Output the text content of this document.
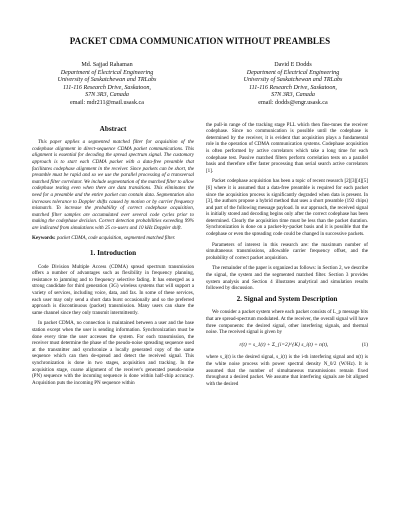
PACKET CDMA COMMUNICATION WITHOUT PREAMBLES
Md. Sajjad Rahaman
Department of Electrical Engineering
University of Saskatchewan and TRLabs
111-116 Research Drive, Saskatoon,
S7N 3R3, Canada
email: mdr211@mail.usask.ca
David E Dodds
Department of Electrical Engineering
University of Saskatchewan and TRLabs
111-116 Research Drive, Saskatoon,
S7N 3R3, Canada
email: dodds@engr.usask.ca
Abstract

This paper applies a segmented matched filter for acquisition of the codephase alignment in direct-sequence CDMA packet communications. This alignment is essential for decoding the spread spectrum signal. The customary approach is to start each CDMA packet with a data-free preamble that facilitates codephase alignment in the receiver. Since packets can be short, the preamble must be rapid and so we use the parallel processing of a transversal matched filter correlator. We include segmentation of the matched filter to allow codephase testing even when there are data transitions. This eliminates the need for a preamble and the entire packet can contain data. Segmentation also increases tolerance to Doppler shifts caused by motion or by carrier frequency mismatch. To increase the probability of correct codephase acquisition, matched filter samples are accumulated over several code cycles prior to making the codephase decision. Correct detection probabilities exceeding 99% are indicated from simulations with 25 co-users and 10 kHz Doppler shift.

Keywords: packet CDMA, code acquisition, segmented matched filter.
1. Introduction

Code Division Multiple Access (CDMA) spread spectrum transmission offers a number of advantages such as flexibility in frequency planning, resistance to jamming and to frequency selective fading. It has emerged as a strong candidate for third generation (3G) wireless systems that will support a variety of services, including voice, data, and fax. In some of these services, each user may only send a short data burst occasionally and so the preferred approach is discontinuous (packet) transmission. Many users can share the same channel since they only transmit intermittently.

In packet CDMA, no connection is maintained between a user and the base station except when the user is sending information. Synchronization must be done every time the user accesses the system. For each transmission, the receiver must determine the phase of the pseudo-noise spreading sequence used at the transmitter and synchronize a locally generated copy of the same sequence which can then de-spread and detect the received signal. This synchronization is done in two stages, acquisition and tracking. In the acquisition stage, coarse alignment of the receiver's generated pseudo-noise (PN) sequence with the incoming sequence is done within half-chip accuracy. Acquisition puts the incoming PN sequence within

the pull-in range of the tracking stage PLL which then fine-tunes the receiver codephase. Since no communication is possible until the codephase is determined by the receiver, it is evident that acquisition plays a fundamental role in the operation of CDMA communication systems. Codephase acquisition is often performed by active correlators which take a long time for each codephase test. Passive matched filters perform correlation tests on a parallel basis and therefore offer faster processing than serial search active correlators [1].

Packet codephase acquisition has been a topic of recent research [2][3][4][5][6] where it is assumed that a data-free preamble is required for each packet since the acquisition process is significantly degraded when data is present. In [3], the authors propose a hybrid method that uses a short preamble (192 chips) and part of the following message payload. In our approach, the received signal is initially stored and decoding begins only after the correct codephase has been determined. Clearly the acquisition time must be less than the packet duration. Synchronization is done on a packet-by-packet basis and it is possible that the codephase or even the spreading code could be changed in successive packets.

Parameters of interest in this research are: the maximum number of simultaneous transmissions, allowable carrier frequency offset, and the probability of correct packet acquisition.

The remainder of the paper is organized as follows: in Section 2, we describe the signal, the system and the segmented matched filter. Section 3 provides system analysis and Section 4 illustrates analytical and simulation results followed by discussion.

2. Signal and System Description

We consider a packet system where each packet consists of L_p message bits that are spread-spectrum modulated. At the receiver, the overall signal will have three components: the desired signal, other interfering signals, and thermal noise. The received signal is given by

r(t) = s_1(t) + Σ_{i=2}^{K} s_i(t) + n(t),	(1)

where s_i(t) is the desired signal, s_i(t) is the i-th interfering signal and n(t) is the white noise process with power spectral density N_0/2 (W/Hz). It is assumed that the number of simultaneous transmissions remain fixed throughout a desired packet. We assume that interfering signals are bit aligned with the desired
